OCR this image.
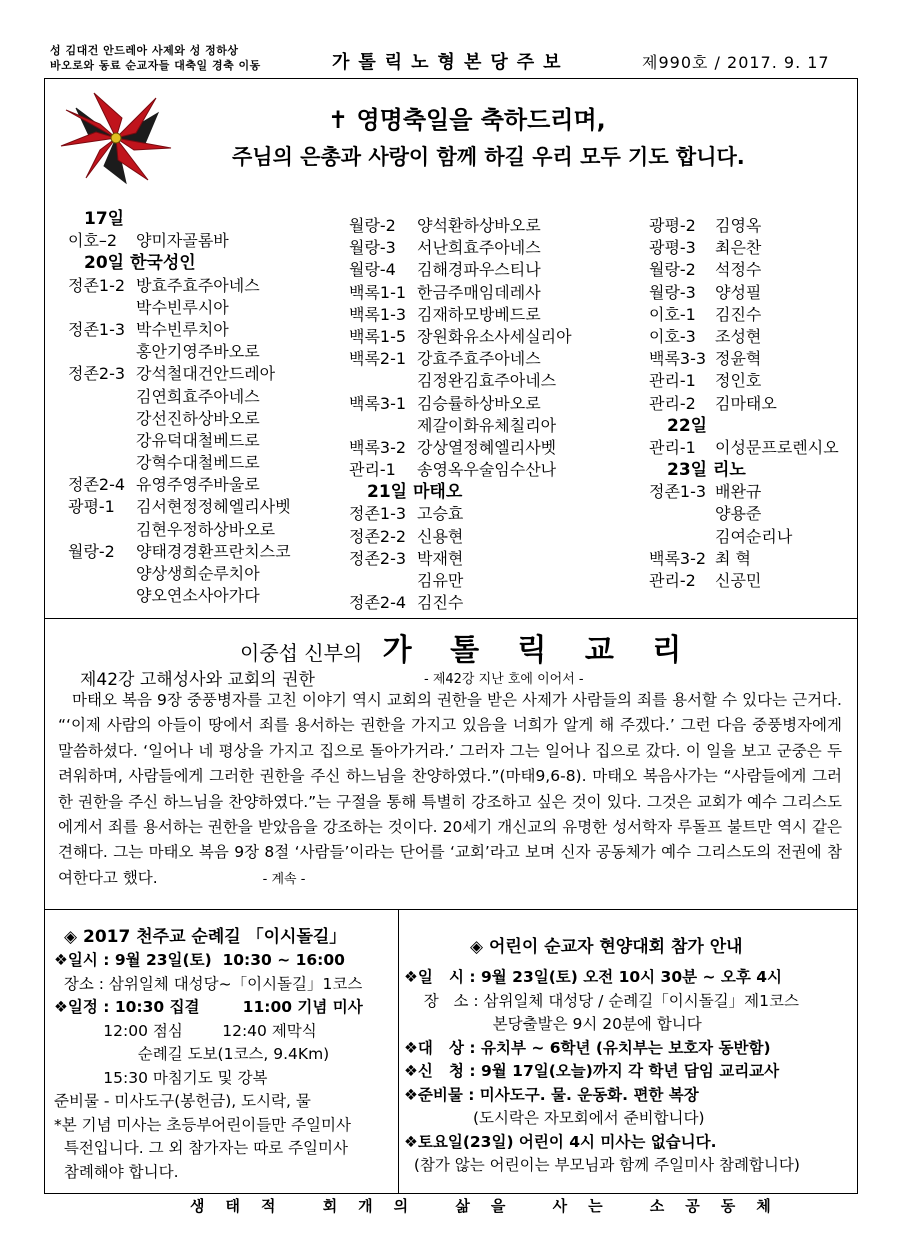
성 김대건 안드레아 사제와 성 정하상
바오로와 동료 순교자들 대축일 경축 이동	가톨릭노형본당주보	제990호 / 2017. 9. 17
✝ 영명축일을 축하드리며,
주님의 은총과 사랑이 함께 하길 우리 모두 기도 합니다.
17일
이호–2 양미자골롬바
20일 한국성인
정존1-2 방효주효주아네스
박수빈루시아
정존1-3 박수빈루치아
홍안기영주바오로
정존2-3 강석철대건안드레아
김연희효주아네스
강선진하상바오로
강유덕대철베드로
강혁수대철베드로
정존2-4 유영주영주바울로
광평-1 김서현정정헤엘리사벳
김현우정하상바오로
월랑-2 양태경경환프란치스코
양상생희순루치아
양오연소사아가다
월랑-2 양석환하상바오로
월랑-3 서난희효주아네스
월랑-4 김해경파우스티나
백록1-1 한금주매임데레사
백록1-3 김재하모방베드로
백록1-5 장원화유소사세실리아
백록2-1 강효주효주아네스
김정완김효주아네스
백록3-1 김승률하상바오로
제갈이화유체칠리아
백록3-2 강상열정혜엘리사벳
관리-1 송영옥우술임수산나
21일 마태오
정존1-3 고승효
정존2-2 신용현
정존2-3 박재현
김유만
정존2-4 김진수
광평-2 김영옥
광평-3 최은찬
월랑-2 석정수
월랑-3 양성필
이호-1 김진수
이호-3 조성현
백록3-3 정윤혁
관리-1 정인호
관리-2 김마태오
22일
관리-1 이성문프로렌시오
23일 리노
정존1-3 배완규
양용준
김여순리나
백록3-2 최 혁
관리-2 신공민
이중섭 신부의 가 톨 릭 교 리
제42강 고해성사와 교회의 권한	- 제42강 지난 호에 이어서 -
마태오 복음 9장 중풍병자를 고친 이야기 역시 교회의 권한을 받은 사제가 사람들의 죄를 용서할 수 있다는 근거다. “‘이제 사람의 아들이 땅에서 죄를 용서하는 권한을 가지고 있음을 너희가 알게 해 주겠다.’ 그런 다음 중풍병자에게 말씀하셨다. ‘일어나 네 평상을 가지고 집으로 돌아가거라.’ 그러자 그는 일어나 집으로 갔다. 이 일을 보고 군중은 두려워하며, 사람들에게 그러한 권한을 주신 하느님을 찬양하였다.”(마태9,6-8). 마태오 복음사가는 “사람들에게 그러한 권한을 주신 하느님을 찬양하였다.”는 구절을 통해 특별히 강조하고 싶은 것이 있다. 그것은 교회가 예수 그리스도에게서 죄를 용서하는 권한을 받았음을 강조하는 것이다. 20세기 개신교의 유명한 성서학자 루돌프 불트만 역시 같은 견해다. 그는 마태오 복음 9장 8절 ‘사람들’이라는 단어를 ‘교회’라고 보며 신자 공동체가 예수 그리스도의 전권에 참여한다고 했다.	- 계속 -
◈ 2017 천주교 순례길 「이시돌길」
❖일시 : 9월 23일(토)  10:30 ~ 16:00
장소 : 삼위일체 대성당~「이시돌길」1코스
❖일정 : 10:30 집결        11:00 기념 미사
12:00 점심        12:40 제막식
순례길 도보(1코스, 9.4Km)
15:30 마침기도 및 강복
준비물 - 미사도구(봉헌금), 도시락, 물
*본 기념 미사는 초등부어린이들만 주일미사
특전입니다. 그 외 참가자는 따로 주일미사
참례해야 합니다.
◈ 어린이 순교자 현양대회 참가 안내
❖일   시 : 9월 23일(토) 오전 10시 30분 ~ 오후 4시
장   소 : 삼위일체 대성당 / 순례길「이시돌길」제1코스
본당출발은 9시 20분에 합니다
❖대   상 : 유치부 ~ 6학년 (유치부는 보호자 동반함)
❖신   청 : 9월 17일(오늘)까지 각 학년 담임 교리교사
❖준비물 : 미사도구. 물. 운동화. 편한 복장
(도시락은 자모회에서 준비합니다)
❖토요일(23일) 어린이 4시 미사는 없습니다.
(참가 않는 어린이는 부모님과 함께 주일미사 참례합니다)
생태적 회개의 삶을 사는 소공동체
